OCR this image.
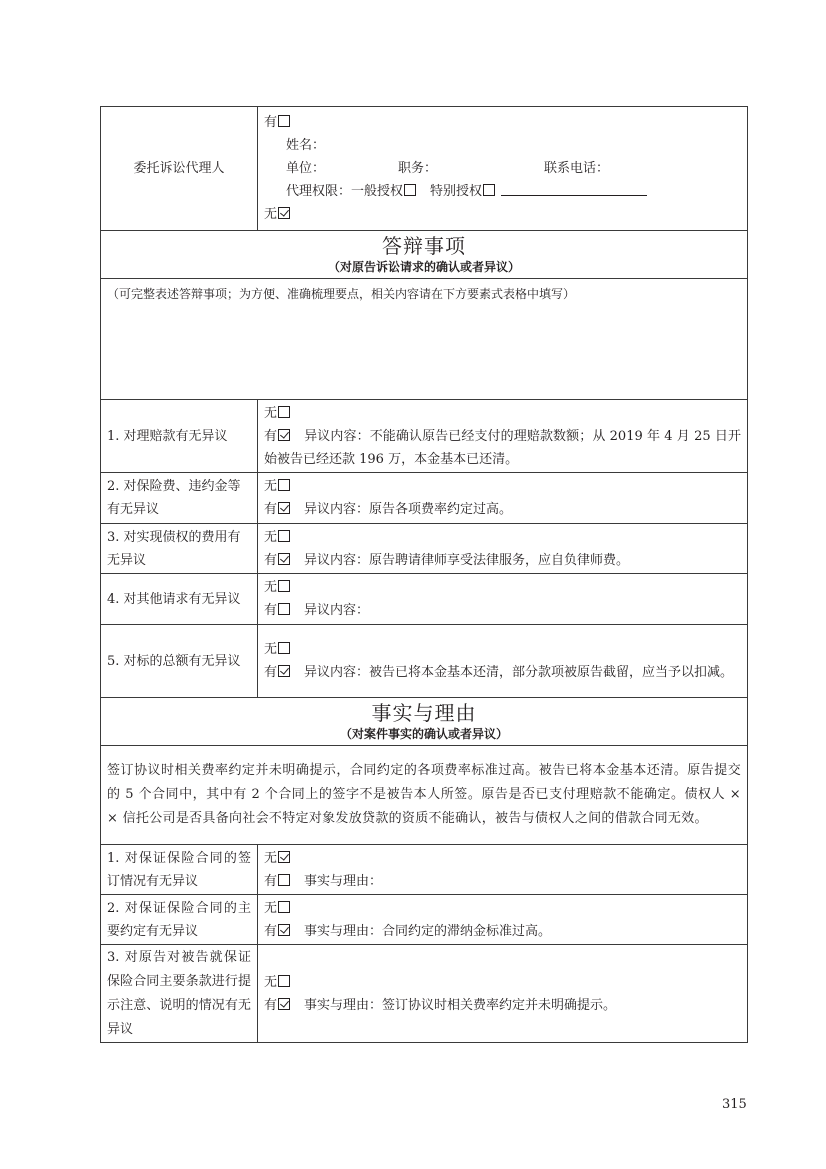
委托诉讼代理人	有
姓名：
单位： 职务： 联系电话：
代理权限：一般授权 特别授权
无

答辩事项
（对原告诉讼请求的确认或者异议）	

（可完整表述答辩事项；为方便、准确梳理要点，相关内容请在下方要素式表格中填写）	

1. 对理赔款有无异议	无
有 异议内容：不能确认原告已经支付的理赔款数额；从 2019 年 4 月 25 日开始被告已经还款 196 万，本金基本已还清。

2. 对保险费、违约金等有无异议	无
有 异议内容：原告各项费率约定过高。

3. 对实现债权的费用有无异议	无
有 异议内容：原告聘请律师享受法律服务，应自负律师费。

4. 对其他请求有无异议	无
有 异议内容：

5. 对标的总额有无异议	无
有 异议内容：被告已将本金基本还清，部分款项被原告截留，应当予以扣减。

事实与理由
（对案件事实的确认或者异议）	

签订协议时相关费率约定并未明确提示，合同约定的各项费率标准过高。被告已将本金基本还清。原告提交的 5 个合同中，其中有 2 个合同上的签字不是被告本人所签。原告是否已支付理赔款不能确定。债权人 × × 信托公司是否具备向社会不特定对象发放贷款的资质不能确认，被告与债权人之间的借款合同无效。	
1. 对保证保险合同的签订情况有无异议	无
有 事实与理由：

2. 对保证保险合同的主要约定有无异议	无
有 事实与理由：合同约定的滞纳金标准过高。

3. 对原告对被告就保证保险合同主要条款进行提示注意、说明的情况有无异议	无
有 事实与理由：签订协议时相关费率约定并未明确提示。
315
